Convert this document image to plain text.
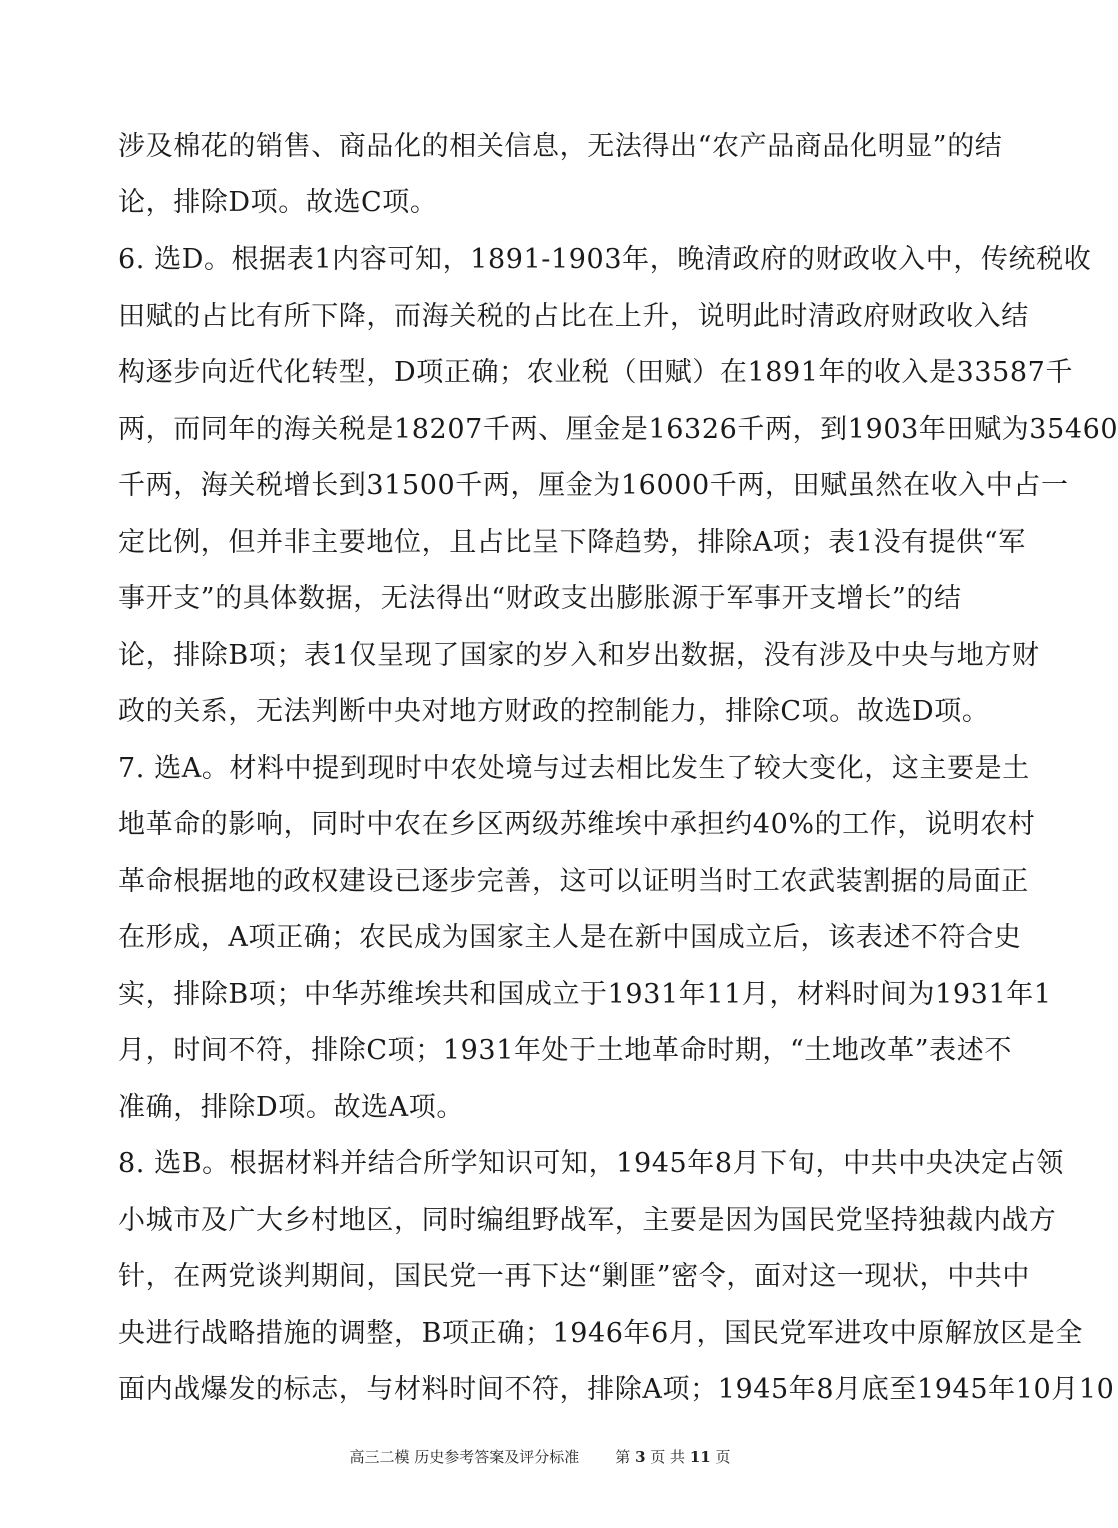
涉及棉花的销售、商品化的相关信息，无法得出“农产品商品化明显”的结
论，排除D项。故选C项。
6. 选D。根据表1内容可知，1891-1903年，晚清政府的财政收入中，传统税收
田赋的占比有所下降，而海关税的占比在上升，说明此时清政府财政收入结
构逐步向近代化转型，D项正确；农业税（田赋）在1891年的收入是33587千
两，而同年的海关税是18207千两、厘金是16326千两，到1903年田赋为35460
千两，海关税增长到31500千两，厘金为16000千两，田赋虽然在收入中占一
定比例，但并非主要地位，且占比呈下降趋势，排除A项；表1没有提供“军
事开支”的具体数据，无法得出“财政支出膨胀源于军事开支增长”的结
论，排除B项；表1仅呈现了国家的岁入和岁出数据，没有涉及中央与地方财
政的关系，无法判断中央对地方财政的控制能力，排除C项。故选D项。
7. 选A。材料中提到现时中农处境与过去相比发生了较大变化，这主要是土
地革命的影响，同时中农在乡区两级苏维埃中承担约40%的工作，说明农村
革命根据地的政权建设已逐步完善，这可以证明当时工农武装割据的局面正
在形成，A项正确；农民成为国家主人是在新中国成立后，该表述不符合史
实，排除B项；中华苏维埃共和国成立于1931年11月，材料时间为1931年1
月，时间不符，排除C项；1931年处于土地革命时期，“土地改革”表述不
准确，排除D项。故选A项。
8. 选B。根据材料并结合所学知识可知，1945年8月下旬，中共中央决定占领
小城市及广大乡村地区，同时编组野战军，主要是因为国民党坚持独裁内战方
针，在两党谈判期间，国民党一再下达“剿匪”密令，面对这一现状，中共中
央进行战略措施的调整，B项正确；1946年6月，国民党军进攻中原解放区是全
面内战爆发的标志，与材料时间不符，排除A项；1945年8月底至1945年10月10
高三二模 历史参考答案及评分标准 第 3 页 共 11 页
